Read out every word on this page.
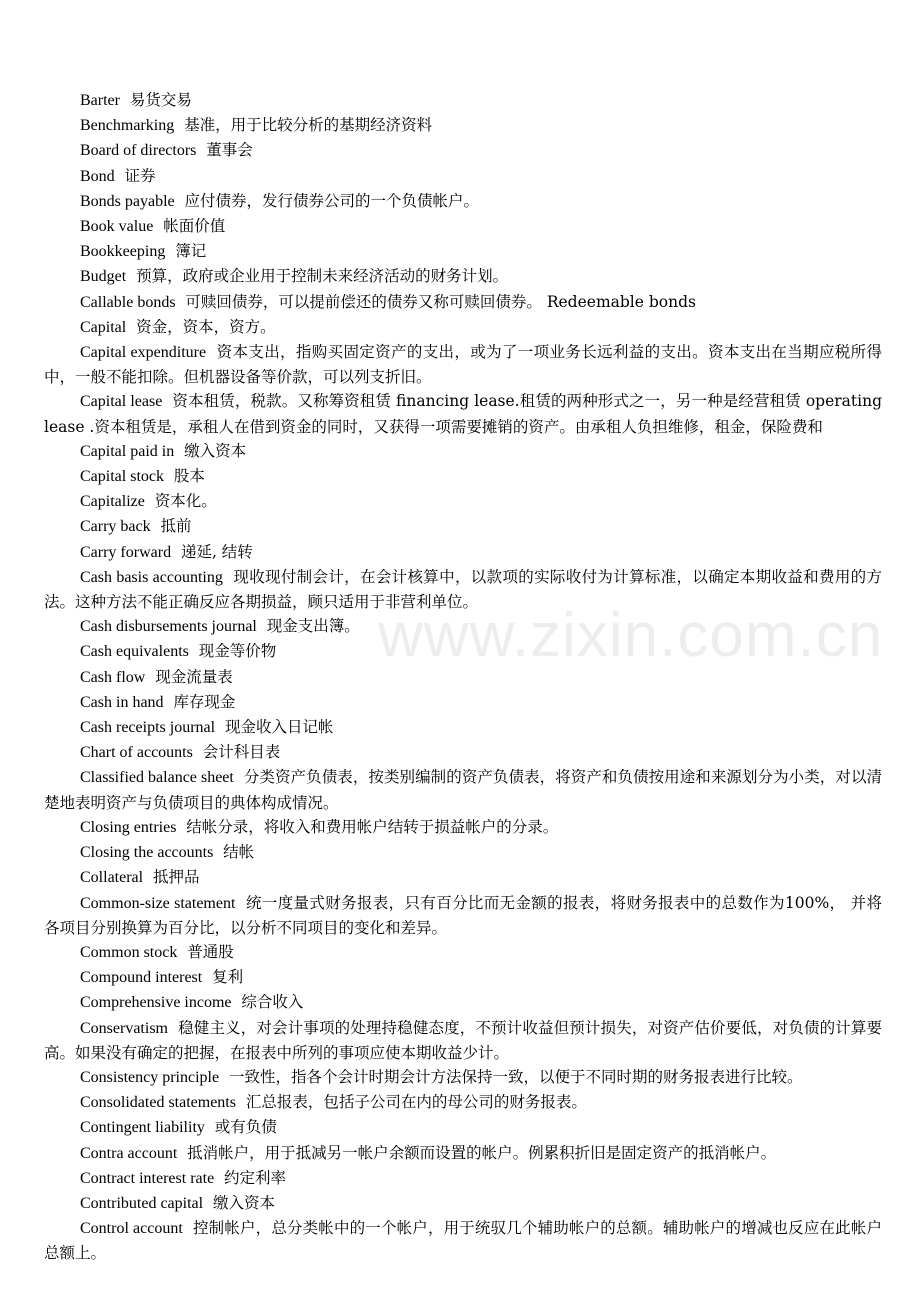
www.zixin.com.cn

Barter 易货交易

Benchmarking 基准，用于比较分析的基期经济资料

Board of directors 董事会

Bond 证券

Bonds payable 应付债券，发行债券公司的一个负债帐户。

Book value 帐面价值

Bookkeeping 簿记

Budget 预算，政府或企业用于控制未来经济活动的财务计划。

Callable bonds 可赎回债券，可以提前偿还的债券又称可赎回债券。 Redeemable bonds

Capital 资金，资本，资方。

Capital expenditure 资本支出，指购买固定资产的支出，或为了一项业务长远利益的支出。资本支出在当期应税所得中，一般不能扣除。但机器设备等价款，可以列支折旧。

Capital lease 资本租赁，税款。又称筹资租赁 financing lease.租赁的两种形式之一，另一种是经营租赁 operating lease .资本租赁是，承租人在借到资金的同时，又获得一项需要摊销的资产。由承租人负担维修，租金，保险费和

Capital paid in 缴入资本

Capital stock 股本

Capitalize 资本化。

Carry back 抵前

Carry forward 递延, 结转

Cash basis accounting 现收现付制会计，在会计核算中，以款项的实际收付为计算标准，以确定本期收益和费用的方法。这种方法不能正确反应各期损益，顾只适用于非营利单位。

Cash disbursements journal 现金支出簿。

Cash equivalents 现金等价物

Cash flow 现金流量表

Cash in hand 库存现金

Cash receipts journal 现金收入日记帐

Chart of accounts 会计科目表

Classified balance sheet 分类资产负债表，按类别编制的资产负债表，将资产和负债按用途和来源划分为小类，对以清楚地表明资产与负债项目的典体构成情况。

Closing entries 结帐分录，将收入和费用帐户结转于损益帐户的分录。

Closing the accounts 结帐

Collateral 抵押品

Common-size statement 统一度量式财务报表，只有百分比而无金额的报表，将财务报表中的总数作为100%， 并将各项目分别换算为百分比，以分析不同项目的变化和差异。

Common stock 普通股

Compound interest 复利

Comprehensive income 综合收入

Conservatism 稳健主义，对会计事项的处理持稳健态度，不预计收益但预计损失，对资产估价要低，对负债的计算要高。如果没有确定的把握，在报表中所列的事项应使本期收益少计。

Consistency principle 一致性，指各个会计时期会计方法保持一致，以便于不同时期的财务报表进行比较。

Consolidated statements 汇总报表，包括子公司在内的母公司的财务报表。

Contingent liability 或有负债

Contra account 抵消帐户，用于抵减另一帐户余额而设置的帐户。例累积折旧是固定资产的抵消帐户。

Contract interest rate 约定利率

Contributed capital 缴入资本

Control account 控制帐户，总分类帐中的一个帐户，用于统驭几个辅助帐户的总额。辅助帐户的增减也反应在此帐户总额上。
